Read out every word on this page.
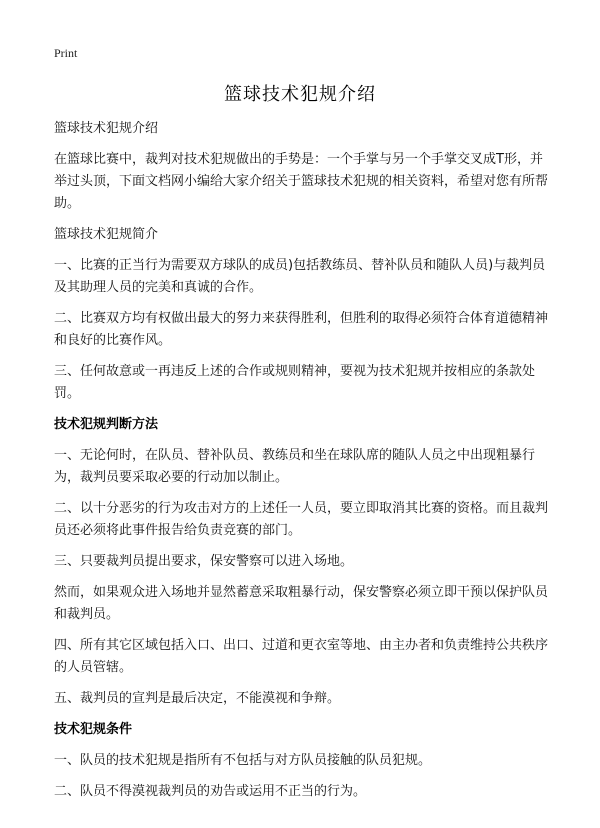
Print
篮球技术犯规介绍
篮球技术犯规介绍
在篮球比赛中，裁判对技术犯规做出的手势是：一个手掌与另一个手掌交叉成T形，并举过头顶，下面文档网小编给大家介绍关于篮球技术犯规的相关资料，希望对您有所帮助。
篮球技术犯规简介
一、比赛的正当行为需要双方球队的成员)包括教练员、替补队员和随队人员)与裁判员及其助理人员的完美和真诚的合作。
二、比赛双方均有权做出最大的努力来获得胜利，但胜利的取得必须符合体育道德精神和良好的比赛作风。
三、任何故意或一再违反上述的合作或规则精神，要视为技术犯规并按相应的条款处罚。
技术犯规判断方法
一、无论何时，在队员、替补队员、教练员和坐在球队席的随队人员之中出现粗暴行为，裁判员要采取必要的行动加以制止。
二、以十分恶劣的行为攻击对方的上述任一人员，要立即取消其比赛的资格。而且裁判员还必须将此事件报告给负责竞赛的部门。
三、只要裁判员提出要求，保安警察可以进入场地。
然而，如果观众进入场地并显然蓄意采取粗暴行动，保安警察必须立即干预以保护队员和裁判员。
四、所有其它区域包括入口、出口、过道和更衣室等地、由主办者和负责维持公共秩序的人员管辖。
五、裁判员的宣判是最后决定，不能漠视和争辩。
技术犯规条件
一、队员的技术犯规是指所有不包括与对方队员接触的队员犯规。
二、队员不得漠视裁判员的劝告或运用不正当的行为。
